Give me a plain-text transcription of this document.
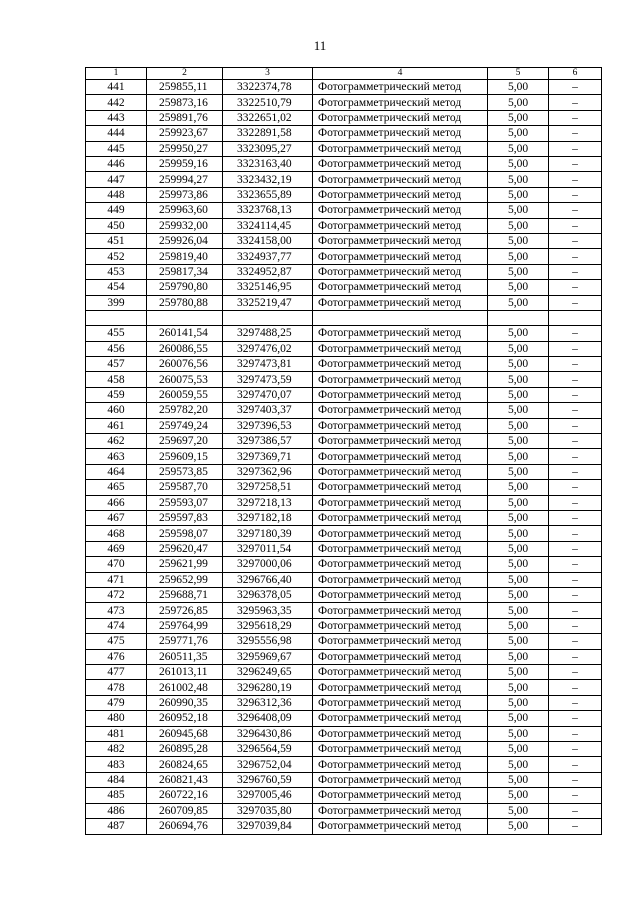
11
1	2	3	4	5	6
441	259855,11	3322374,78	Фотограмметрический метод	5,00	–
442	259873,16	3322510,79	Фотограмметрический метод	5,00	–
443	259891,76	3322651,02	Фотограмметрический метод	5,00	–
444	259923,67	3322891,58	Фотограмметрический метод	5,00	–
445	259950,27	3323095,27	Фотограмметрический метод	5,00	–
446	259959,16	3323163,40	Фотограмметрический метод	5,00	–
447	259994,27	3323432,19	Фотограмметрический метод	5,00	–
448	259973,86	3323655,89	Фотограмметрический метод	5,00	–
449	259963,60	3323768,13	Фотограмметрический метод	5,00	–
450	259932,00	3324114,45	Фотограмметрический метод	5,00	–
451	259926,04	3324158,00	Фотограмметрический метод	5,00	–
452	259819,40	3324937,77	Фотограмметрический метод	5,00	–
453	259817,34	3324952,87	Фотограмметрический метод	5,00	–
454	259790,80	3325146,95	Фотограмметрический метод	5,00	–
399	259780,88	3325219,47	Фотограмметрический метод	5,00	–

455	260141,54	3297488,25	Фотограмметрический метод	5,00	–
456	260086,55	3297476,02	Фотограмметрический метод	5,00	–
457	260076,56	3297473,81	Фотограмметрический метод	5,00	–
458	260075,53	3297473,59	Фотограмметрический метод	5,00	–
459	260059,55	3297470,07	Фотограмметрический метод	5,00	–
460	259782,20	3297403,37	Фотограмметрический метод	5,00	–
461	259749,24	3297396,53	Фотограмметрический метод	5,00	–
462	259697,20	3297386,57	Фотограмметрический метод	5,00	–
463	259609,15	3297369,71	Фотограмметрический метод	5,00	–
464	259573,85	3297362,96	Фотограмметрический метод	5,00	–
465	259587,70	3297258,51	Фотограмметрический метод	5,00	–
466	259593,07	3297218,13	Фотограмметрический метод	5,00	–
467	259597,83	3297182,18	Фотограмметрический метод	5,00	–
468	259598,07	3297180,39	Фотограмметрический метод	5,00	–
469	259620,47	3297011,54	Фотограмметрический метод	5,00	–
470	259621,99	3297000,06	Фотограмметрический метод	5,00	–
471	259652,99	3296766,40	Фотограмметрический метод	5,00	–
472	259688,71	3296378,05	Фотограмметрический метод	5,00	–
473	259726,85	3295963,35	Фотограмметрический метод	5,00	–
474	259764,99	3295618,29	Фотограмметрический метод	5,00	–
475	259771,76	3295556,98	Фотограмметрический метод	5,00	–
476	260511,35	3295969,67	Фотограмметрический метод	5,00	–
477	261013,11	3296249,65	Фотограмметрический метод	5,00	–
478	261002,48	3296280,19	Фотограмметрический метод	5,00	–
479	260990,35	3296312,36	Фотограмметрический метод	5,00	–
480	260952,18	3296408,09	Фотограмметрический метод	5,00	–
481	260945,68	3296430,86	Фотограмметрический метод	5,00	–
482	260895,28	3296564,59	Фотограмметрический метод	5,00	–
483	260824,65	3296752,04	Фотограмметрический метод	5,00	–
484	260821,43	3296760,59	Фотограмметрический метод	5,00	–
485	260722,16	3297005,46	Фотограмметрический метод	5,00	–
486	260709,85	3297035,80	Фотограмметрический метод	5,00	–
487	260694,76	3297039,84	Фотограмметрический метод	5,00	–
